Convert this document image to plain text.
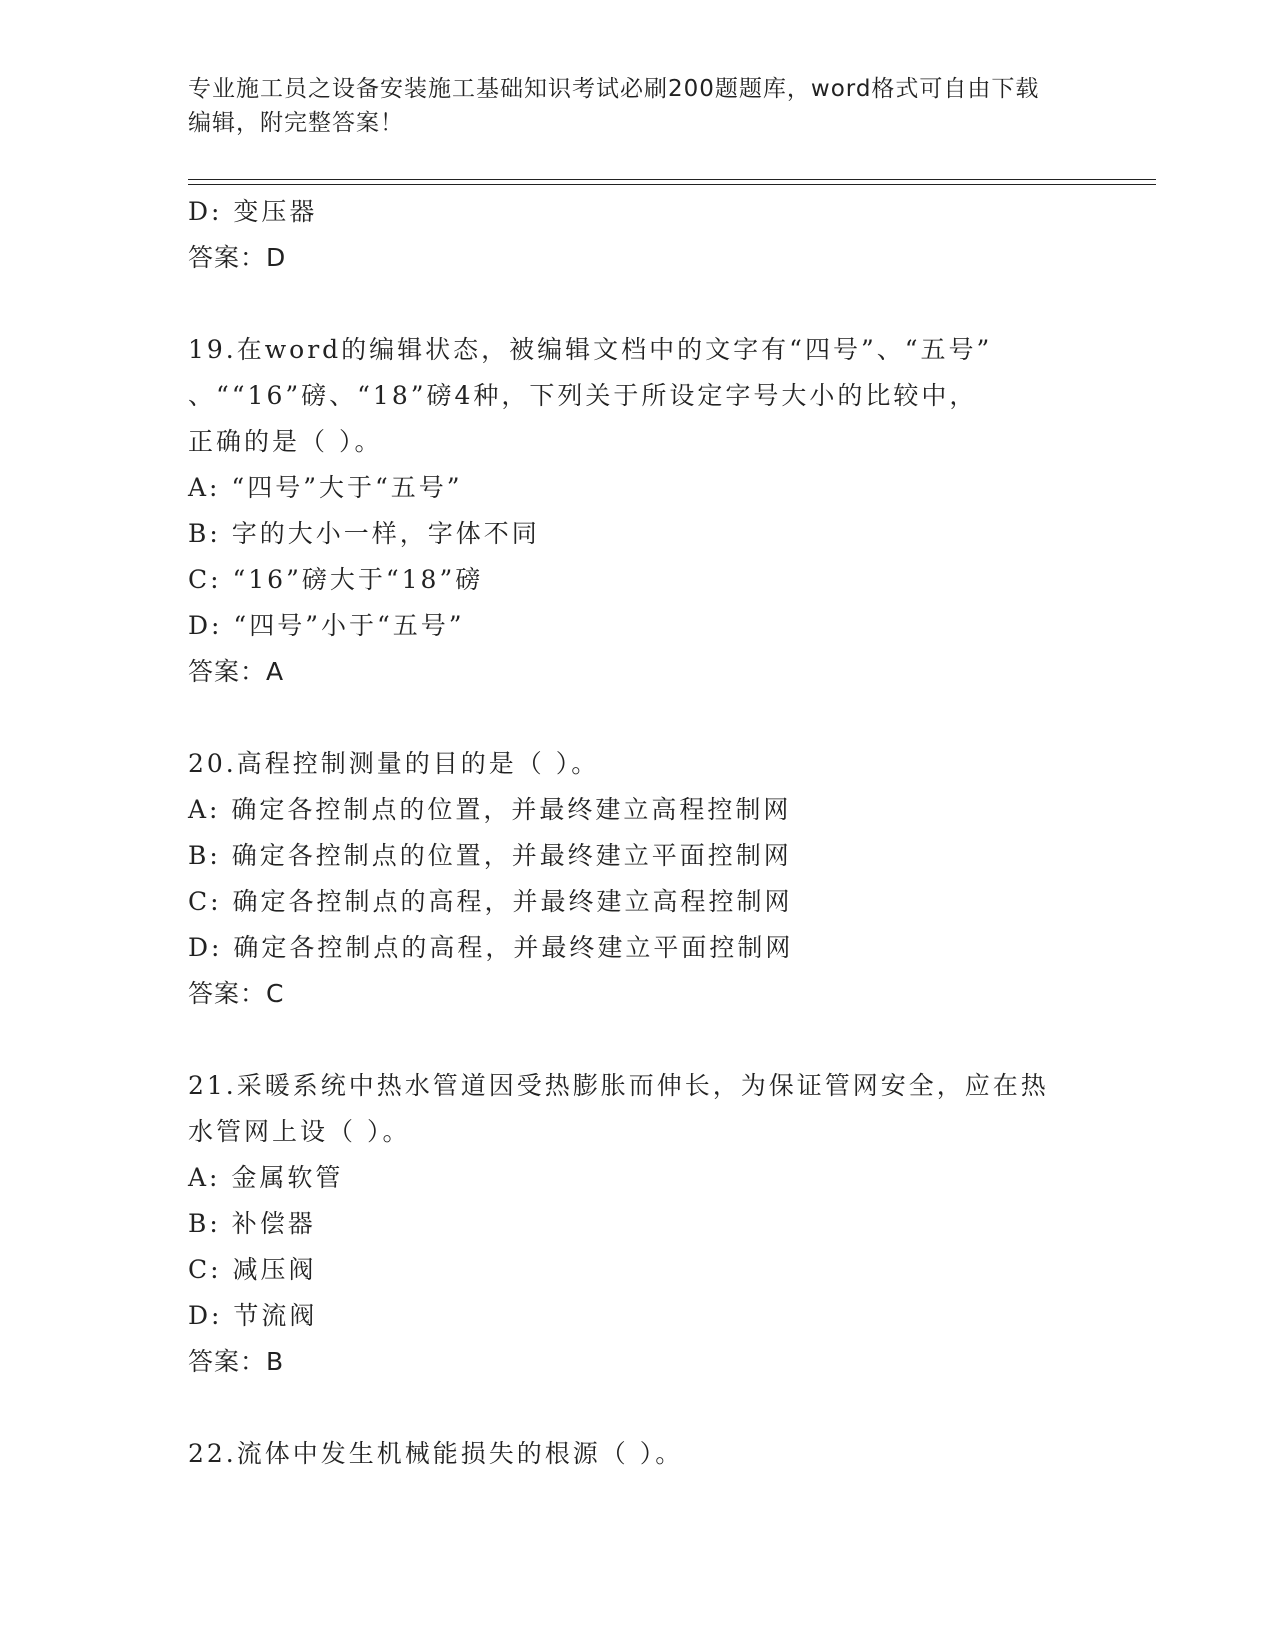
专业施工员之设备安装施工基础知识考试必刷200题题库，word格式可自由下载
编辑，附完整答案！
D: 变压器
答案：D
19.在word的编辑状态，被编辑文档中的文字有“四号”、“五号”
、““16”磅、“18”磅4种，下列关于所设定字号大小的比较中，
正确的是（ ）。
A: “四号”大于“五号”
B: 字的大小一样，字体不同
C: “16”磅大于“18”磅
D: “四号”小于“五号”
答案：A
20.高程控制测量的目的是（ ）。
A: 确定各控制点的位置，并最终建立高程控制网
B: 确定各控制点的位置，并最终建立平面控制网
C: 确定各控制点的高程，并最终建立高程控制网
D: 确定各控制点的高程，并最终建立平面控制网
答案：C
21.采暖系统中热水管道因受热膨胀而伸长，为保证管网安全，应在热
水管网上设（ ）。
A: 金属软管
B: 补偿器
C: 减压阀
D: 节流阀
答案：B
22.流体中发生机械能损失的根源（ ）。
